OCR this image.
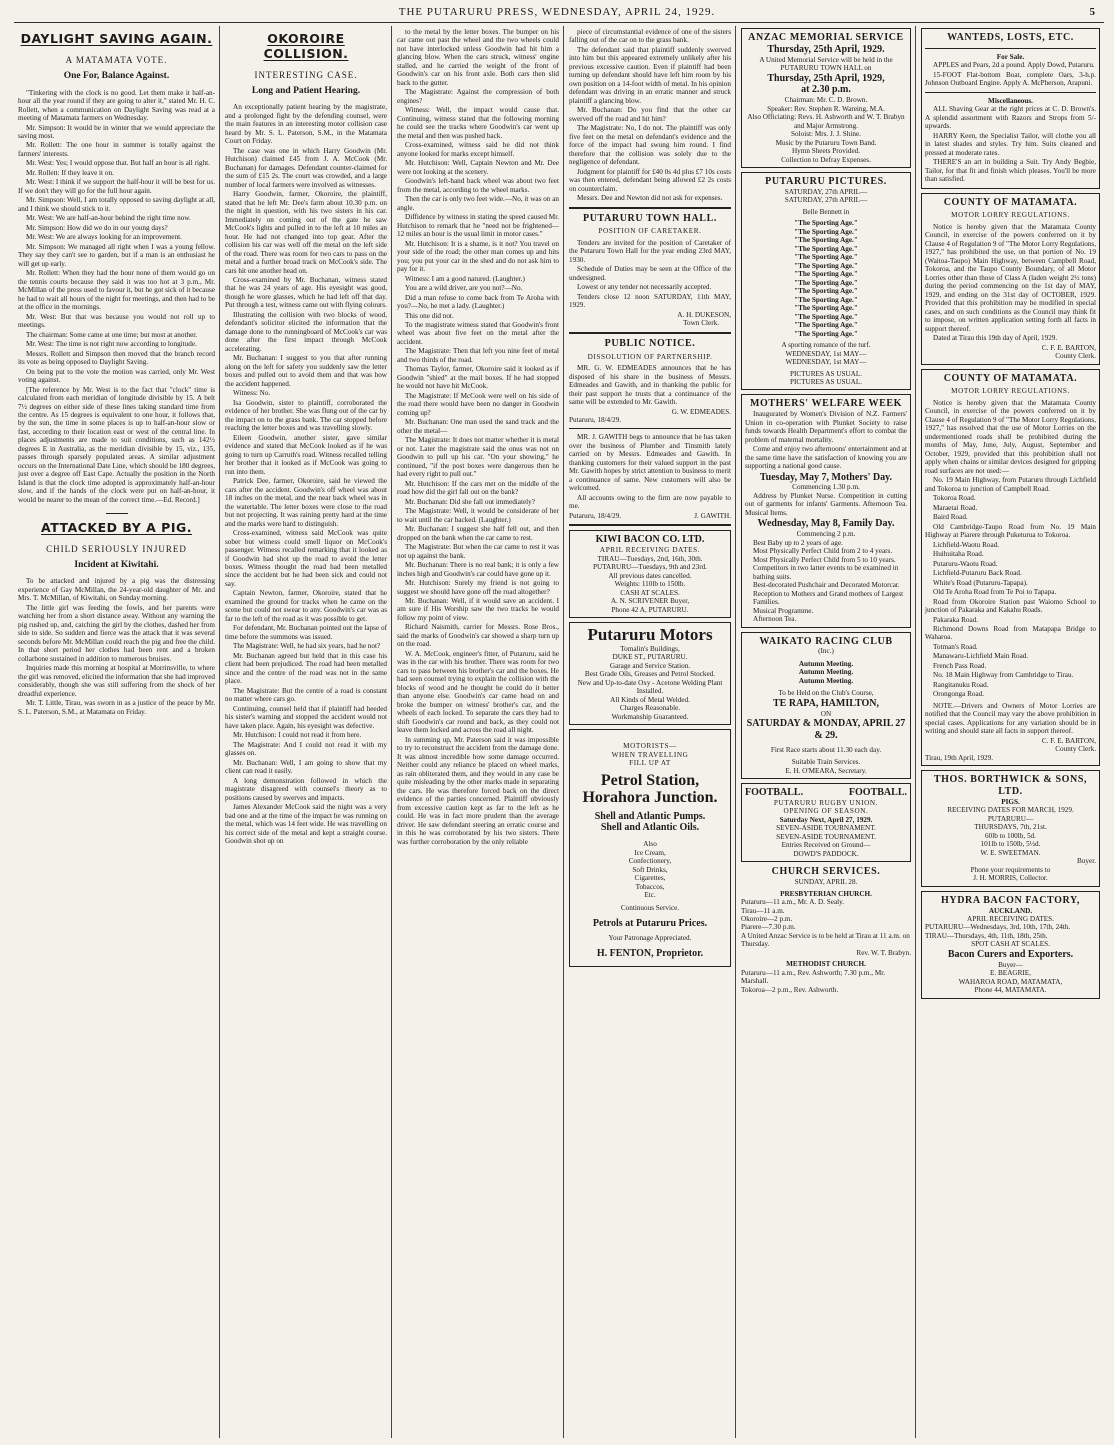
THE PUTARURU PRESS, WEDNESDAY, APRIL 24, 1929.	5
DAYLIGHT SAVING AGAIN.
A MATAMATA VOTE.
One For, Balance Against.

"Tinkering with the clock is no good. Let them make it half-an-hour all the year round if they are going to alter it," stated Mr. H. C. Rollett, when a communication on Daylight Saving was read at a meeting of Matamata farmers on Wednesday.

Mr. Simpson: It would be in winter that we would appreciate the saving most.

Mr. Rollett: The one hour in summer is totally against the farmers' interests.

Mr. West: Yes; I would oppose that. But half an hour is all right.

Mr. Rollett: If they leave it on.

Mr. West: I think if we support the half-hour it will be best for us. If we don't they will go for the full hour again.

Mr. Simpson: Well, I am totally opposed to saving daylight at all, and I think we should stick to it.

Mr. West: We are half-an-hour behind the right time now.

Mr. Simpson: How did we do in our young days?

Mr. West: We are always looking for an improvement.

Mr. Simpson: We managed all right when I was a young fellow. They say they can't see to garden, but if a man is an enthusiast he will get up early.

Mr. Rollett: When they had the hour none of them would go on the tennis courts because they said it was too hot at 3 p.m., Mr. McMillan of the press used to favour it, but he got sick of it because he had to wait all hours of the night for meetings, and then had to be at the office in the mornings.

Mr. West: But that was because you would not roll up to meetings.

The chairman: Some came at one time; but most at another.

Mr. West: The time is not right now according to longitude.

Messrs. Rollett and Simpson then moved that the branch record its vote as being opposed to Daylight Saving.

On being put to the vote the motion was carried, only Mr. West voting against.

[The reference by Mr. West is to the fact that "clock" time is calculated from each meridian of longitude divisible by 15. A belt 7½ degrees on either side of these lines taking standard time from the centre. As 15 degrees is equivalent to one hour, it follows that, by the sun, the time in some places is up to half-an-hour slow or fast, according to their location east or west of the central line. In places adjustments are made to suit conditions, such as 142½ degrees E in Australia, as the meridian divisible by 15, viz., 135, passes through sparsely populated areas. A similar adjustment occurs on the International Date Line, which should be 180 degrees, just over a degree off East Cape. Actually the position in the North Island is that the clock time adopted is approximately half-an-hour slow, and if the hands of the clock were put on half-an-hour, it would be nearer to the mean of the correct time.—Ed. Record.]

ATTACKED BY A PIG.
CHILD SERIOUSLY INJURED
Incident at Kiwitahi.

To be attacked and injured by a pig was the distressing experience of Gay McMillan, the 24-year-old daughter of Mr. and Mrs. T. McMillan, of Kiwitahi, on Sunday morning.

The little girl was feeding the fowls, and her parents were watching her from a short distance away. Without any warning the pig rushed up, and, catching the girl by the clothes, dashed her from side to side. So sudden and fierce was the attack that it was several seconds before Mr. McMillan could reach the pig and free the child. In that short period her clothes had been rent and a broken collarbone sustained in addition to numerous bruises.

Inquiries made this morning at hospital at Morrinsville, to where the girl was removed, elicited the information that she had improved considerably, though she was still suffering from the shock of her dreadful experience.

Mr. T. Little, Tirau, was sworn in as a justice of the peace by Mr. S. L. Paterson, S.M., at Matamata on Friday.

OKOROIRE COLLISION.
INTERESTING CASE.
Long and Patient Hearing.

An exceptionally patient hearing by the magistrate, and a prolonged fight by the defending counsel, were the main features in an interesting motor collision case heard by Mr. S. L. Paterson, S.M., in the Matamata Court on Friday.

The case was one in which Harry Goodwin (Mr. Hutchison) claimed £45 from J. A. McCook (Mr. Buchanan) for damages. Defendant counter-claimed for the sum of £15 2s. The court was crowded, and a large number of local farmers were involved as witnesses.

Harry Goodwin, farmer, Okoroire, the plaintiff, stated that he left Mr. Dee's farm about 10.30 p.m. on the night in question, with his two sisters in his car. Immediately on coming out of the gate he saw McCook's lights and pulled in to the left at 10 miles an hour. He had not changed into top gear. After the collision his car was well off the metal on the left side of the road. There was room for two cars to pass on the metal and a further broad track on McCook's side. The cars hit one another head on.

Cross-examined by Mr. Buchanan, witness stated that he was 24 years of age. His eyesight was good, though he wore glasses, which he had left off that day. Put through a test, witness came out with flying colours.

Illustrating the collision with two blocks of wood, defendant's solicitor elicited the information that the damage done to the runningboard of McCook's car was done after the first impact through McCook accelerating.

Mr. Buchanan: I suggest to you that after running along on the left for safety you suddenly saw the letter boxes and pulled out to avoid them and that was how the accident happened.

Witness: No.

Isa Goodwin, sister to plaintiff, corroborated the evidence of her brother. She was flung out of the car by the impact on to the grass bank. The car stopped before reaching the letter boxes and was travelling slowly.

Eileen Goodwin, another sister, gave similar evidence and stated that McCook looked as if he was going to turn up Carruth's road. Witness recalled telling her brother that it looked as if McCook was going to run into them.

Patrick Dee, farmer, Okoroire, said he viewed the cars after the accident. Goodwin's off wheel was about 18 inches on the metal, and the near back wheel was in the watertable. The letter boxes were close to the road but not projecting. It was raining pretty hard at the time and the marks were hard to distinguish.

Cross-examined, witness said McCook was quite sober but witness could smell liquor on McCook's passenger. Witness recalled remarking that it looked as if Goodwin had shot up the road to avoid the letter boxes. Witness thought the road had been metalled since the accident but he had been sick and could not say.

Captain Newton, farmer, Okoroire, stated that he examined the ground for tracks when he came on the scene but could not swear to any. Goodwin's car was as far to the left of the road as it was possible to get.

For defendant, Mr. Buchanan pointed out the lapse of time before the summons was issued.

The Magistrate: Well, he had six years, had he not?

Mr. Buchanan agreed but held that in this case his client had been prejudiced. The road had been metalled since and the centre of the road was not in the same place.

The Magistrate: But the centre of a road is constant no matter where cars go.

Continuing, counsel held that if plaintiff had heeded his sister's warning and stopped the accident would not have taken place. Again, his eyesight was defective.

Mr. Hutchison: I could not read it from here.

The Magistrate: And I could not read it with my glasses on.

Mr. Buchanan: Well, I am going to show that my client can read it easily.

A long demonstration followed in which the magistrate disagreed with counsel's theory as to positions caused by swerves and impacts.

James Alexander McCook said the night was a very bad one and at the time of the impact he was running on the metal, which was 14 feet wide. He was travelling on his correct side of the metal and kept a straight course. Goodwin shot up on

to the metal by the letter boxes. The bumper on his car came out past the wheel and the two wheels could not have interlocked unless Goodwin had hit him a glancing blow. When the cars struck, witness' engine stalled, and he carried the weight of the front of Goodwin's car on his front axle. Both cars then slid back to the gutter.

The Magistrate: Against the compression of both engines?

Witness: Well, the impact would cause that. Continuing, witness stated that the following morning he could see the tracks where Goodwin's car went up the metal and then was pushed back.

Cross-examined, witness said he did not think anyone looked for marks except himself.

Mr. Hutchison: Well, Captain Newton and Mr. Dee were not looking at the scenery.

Goodwin's left-hand back wheel was about two feet from the metal, according to the wheel marks.

Then the car is only two feet wide.—No, it was on an angle.

Diffidence by witness in stating the speed caused Mr. Hutchison to remark that he "need not be frightened—12 miles an hour is the usual limit in motor cases."

Mr. Hutchison: It is a shame, is it not? You travel on your side of the road; the other man comes up and hits you; you put your car in the shed and do not ask him to pay for it.

Witness: I am a good natured. (Laughter.)

You are a wild driver, are you not?—No.

Did a man refuse to come back from Te Aroha with you?—No, he met a lady. (Laughter.)

This one did not.

To the magistrate witness stated that Goodwin's front wheel was about five feet on the metal after the accident.

The Magistrate: Then that left you nine feet of metal and two thirds of the road.

Thomas Taylor, farmer, Okoroire said it looked as if Goodwin "shied" at the mail boxes. If he had stopped he would not have hit McCook.

The Magistrate: If McCook were well on his side of the road there would have been no danger in Goodwin coming up?

Mr. Buchanan: One man used the sand track and the other the metal—

The Magistrate: It does not matter whether it is metal or not. Later the magistrate said the onus was not on Goodwin to pull up his car. "On your showing," he continued, "if the post boxes were dangerous then he had every right to pull out."

Mr. Hutchison: If the cars met on the middle of the road how did the girl fall out on the bank?

Mr. Buchanan: Did she fall out immediately?

The Magistrate: Well, it would be considerate of her to wait until the car backed. (Laughter.)

Mr. Buchanan: I suggest she half fell out, and then dropped on the bank when the car came to rest.

The Magistrate: But when the car came to rest it was not up against the bank.

Mr. Buchanan: There is no real bank; it is only a few inches high and Goodwin's car could have gone up it.

Mr. Hutchison: Surely my friend is not going to suggest we should have gone off the road altogether?

Mr. Buchanan: Well, if it would save an accident. I am sure if His Worship saw the two tracks he would follow my point of view.

Richard Naismith, carrier for Messrs. Rose Bros., said the marks of Goodwin's car showed a sharp turn up on the road.

W. A. McCook, engineer's fitter, of Putaruru, said he was in the car with his brother. There was room for two cars to pass between his brother's car and the boxes. He had seen counsel trying to explain the collision with the blocks of wood and he thought he could do it better than anyone else. Goodwin's car came head on and broke the bumper on witness' brother's car, and the wheels of each locked. To separate the cars they had to shift Goodwin's car round and back, as they could not leave them locked and across the road all night.

In summing up, Mr. Paterson said it was impossible to try to reconstruct the accident from the damage done. It was almost incredible how some damage occurred. Neither could any reliance be placed on wheel marks, as rain obliterated them, and they would in any case be quite misleading by the other marks made in separating the cars. He was therefore forced back on the direct evidence of the parties concerned. Plaintiff obviously from excessive caution kept as far to the left as he could. He was in fact more prudent than the average driver. He saw defendant steering an erratic course and in this he was corroborated by his two sisters. There was further corroboration by the only reliable

piece of circumstantial evidence of one of the sisters falling out of the car on to the grass bank.

The defendant said that plaintiff suddenly swerved into him but this appeared extremely unlikely after his previous excessive caution. Even if plaintiff had been turning up defendant should have left him room by his own position on a 14-foot width of metal. In his opinion defendant was driving in an erratic manner and struck plaintiff a glancing blow.

Mr. Buchanan: Do you find that the other car swerved off the road and hit him?

The Magistrate: No, I do not. The plaintiff was only five feet on the metal on defendant's evidence and the force of the impact had swung him round. I find therefore that the collision was solely due to the negligence of defendant.

Judgment for plaintiff for £40 0s 4d plus £7 10s costs was then entered, defendant being allowed £2 2s costs on counterclaim.

Messrs. Dee and Newton did not ask for expenses.

PUTARURU TOWN HALL.
POSITION OF CARETAKER.

Tenders are invited for the position of Caretaker of the Putaruru Town Hall for the year ending 23rd MAY, 1930.

Schedule of Duties may be seen at the Office of the undersigned.

Lowest or any tender not necessarily accepted.

Tenders close 12 noon SATURDAY, 11th MAY, 1929.

A. H. DUKESON,
Town Clerk.
PUBLIC NOTICE.
DISSOLUTION OF PARTNERSHIP.

MR. G. W. EDMEADES announces that he has disposed of his share in the business of Messrs. Edmeades and Gawith, and in thanking the public for their past support he trusts that a continuance of the same will be extended to Mr. Gawith.

G. W. EDMEADES.
Putaruru, 18/4/29.

MR. J. GAWITH begs to announce that he has taken over the business of Plumber and Tinsmith lately carried on by Messrs. Edmeades and Gawith. In thanking customers for their valued support in the past Mr. Gawith hopes by strict attention to business to merit a continuance of same. New customers will also be welcomed.

All accounts owing to the firm are now payable to me.

Putaruru, 18/4/29.	J. GAWITH.
KIWI BACON CO. LTD.
APRIL RECEIVING DATES.
TIRAU—Tuesdays, 2nd, 16th, 30th.
PUTARURU—Tuesdays, 9th and 23rd.
All previous dates cancelled.
Weights: 110lb to 150lb.
CASH AT SCALES.
A. N. SCRIVENER Buyer,
Phone 42 A, PUTARURU.
Putaruru Motors
Tomalin's Buildings,
DUKE ST., PUTARURU.
Garage and Service Station.
Best Grade Oils, Greases and Petrol Stocked.
New and Up-to-date Oxy - Acetone Welding Plant Installed.
All Kinds of Metal Welded.
Charges Reasonable.
Workmanship Guaranteed.
MOTORISTS—
WHEN TRAVELLING FILL UP AT
Petrol Station, Horahora Junction.
Shell and Atlantic Pumps.
Shell and Atlantic Oils.
Also
Ice Cream,
Confectionery,
Soft Drinks,
Cigarettes,
Tobaccos,
Etc.
Continuous Service.
Petrols at Putaruru Prices.
Your Patronage Appreciated.
H. FENTON, Proprietor.
ANZAC MEMORIAL SERVICE
Thursday, 25th April, 1929.
A United Memorial Service will be held in the PUTARURU TOWN HALL on
Thursday, 25th April, 1929,
at 2.30 p.m.
Chairman: Mr. C. D. Brown.
Speaker: Rev. Stephen R. Wareing, M.A.
Also Officiating: Revs. H. Ashworth and W. T. Brabyn and Major Armstrong.
Soloist: Mrs. J. J. Shine.
Music by the Putaruru Town Band.
Hymn Sheets Provided.
Collection to Defray Expenses.
PUTARURU PICTURES.
SATURDAY, 27th APRIL—
SATURDAY, 27th APRIL—
Belle Bennett in
"The Sporting Age."
"The Sporting Age."
"The Sporting Age."
"The Sporting Age."
"The Sporting Age."
"The Sporting Age."
"The Sporting Age."
"The Sporting Age."
"The Sporting Age."
"The Sporting Age."
"The Sporting Age."
"The Sporting Age."
"The Sporting Age."
"The Sporting Age."
A sporting romance of the turf.
WEDNESDAY, 1st MAY—
WEDNESDAY, 1st MAY—
PICTURES AS USUAL.
PICTURES AS USUAL.
MOTHERS' WELFARE WEEK

Inaugurated by Women's Division of N.Z. Farmers' Union in co-operation with Plunket Society to raise funds towards Health Department's effort to combat the problem of maternal mortality.

Come and enjoy two afternoons' entertainment and at the same time have the satisfaction of knowing you are supporting a national good cause.

Tuesday, May 7, Mothers' Day.
Commencing 1.30 p.m.

Address by Plunket Nurse. Competition in cutting out of garments for infants' Garments. Afternoon Tea. Musical Items.

Wednesday, May 8, Family Day.
Commencing 2 p.m.
Best Baby up to 2 years of age.
Most Physically Perfect Child from 2 to 4 years.
Most Physically Perfect Child from 5 to 10 years.
Competitors in two latter events to be examined in bathing suits.
Best-decorated Pushchair and Decorated Motorcar.
Reception to Mothers and Grand mothers of Largest Families.
Musical Programme.
Afternoon Tea.
WAIKATO RACING CLUB
(Inc.)
Autumn Meeting.
Autumn Meeting.
Autumn Meeting.
To be Held on the Club's Course,
TE RAPA, HAMILTON,
ON
SATURDAY & MONDAY, APRIL 27 & 29.
First Race starts about 11.30 each day.
Suitable Train Services.
E. H. O'MEARA, Secretary.
FOOTBALL.	FOOTBALL.
PUTARURU RUGBY UNION.
OPENING OF SEASON.
Saturday Next, April 27, 1929.
SEVEN-ASIDE TOURNAMENT.
SEVEN-ASIDE TOURNAMENT.
Entries Received on Ground—
DOWD'S PADDOCK.
CHURCH SERVICES.
SUNDAY, APRIL 28.
PRESBYTERIAN CHURCH.
Putaruru—11 a.m., Mr. A. D. Sealy.
Tirau—11 a.m.
Okoroire—2 p.m.
Piarere—7.30 p.m.
A United Anzac Service is to be held at Tirau at 11 a.m. on Thursday.
Rev. W. T. Brabyn.
METHODIST CHURCH.
Putaruru—11 a.m., Rev. Ashworth; 7.30 p.m., Mr. Marshall.
Tokoroa—2 p.m., Rev. Ashworth.
WANTEDS, LOSTS, ETC.
For Sale.

APPLES and Pears, 2d a pound. Apply Dowd, Putaruru.

15-FOOT Flat-bottom Boat, complete Oars, 3-h.p. Johnson Outboard Engine. Apply A. McPherson, Arapuni.

Miscellaneous.

ALL Shaving Gear at the right prices at C. D. Brown's. A splendid assortment with Razors and Strops from 5/- upwards.

HARRY Keen, the Specialist Tailor, will clothe you all in latest shades and styles. Try him. Suits cleaned and pressed at moderate rates.

THERE'S an art in building a Suit. Try Andy Begbie, Tailor, for that fit and finish which pleases. You'll be more than satisfied.

COUNTY OF MATAMATA.
MOTOR LORRY REGULATIONS.

Notice is hereby given that the Matamata County Council, in exercise of the powers conferred on it by Clause 4 of Regulation 9 of "The Motor Lorry Regulations, 1927," has prohibited the use, on that portion of No. 19 (Waitoa-Taupo) Main Highway, between Campbell Road, Tokoroa, and the Taupo County Boundary, of all Motor Lorries other than those of Class A (laden weight 2½ tons) during the period commencing on the 1st day of MAY, 1929, and ending on the 31st day of OCTOBER, 1929. Provided that this prohibition may be modified in special cases, and on such conditions as the Council may think fit to impose, on written application setting forth all facts in support thereof.

Dated at Tirau this 19th day of April, 1929.

C. F. E. BARTON,
County Clerk.
COUNTY OF MATAMATA.
MOTOR LORRY REGULATIONS.

Notice is hereby given that the Matamata County Council, in exercise of the powers conferred on it by Clause 4 of Regulation 9 of "The Motor Lorry Regulations, 1927," has resolved that the use of Motor Lorries on the undermentioned roads shall be prohibited during the months of May, June, July, August, September and October, 1929, provided that this prohibition shall not apply when chains or similar devices designed for gripping road surfaces are not used:—

No. 19 Main Highway, from Putaruru through Lichfield and Tokoroa to junction of Campbell Road.

Tokoroa Road.

Maraetai Road.

Baird Road.

Old Cambridge-Taupo Road from No. 19 Main Highway at Piarere through Puketurua to Tokoroa.

Lichfield-Waotu Road.

Huihuitaha Road.

Putaruru-Waotu Road.

Lichfield-Putaruru Back Road.

White's Road (Putaruru-Tapapa).

Old Te Aroha Road from Te Poi to Tapapa.

Road from Okoroire Station past Waiomo School to junction of Pakaraka and Kakahu Roads.

Pakaraka Road.

Richmond Downs Road from Matapapa Bridge to Waharoa.

Totman's Road.

Manawaru-Lichfield Main Road.

French Pass Road.

No. 18 Main Highway from Cambridge to Tirau.

Rangitanuku Road.

Orongonga Road.

NOTE.—Drivers and Owners of Motor Lorries are notified that the Council may vary the above prohibition in special cases. Applications for any variation should be in writing and should state all facts in support thereof.

C. F. E. BARTON,
County Clerk.
Tirau, 19th April, 1929.
THOS. BORTHWICK & SONS, LTD.
PIGS.
RECEIVING DATES FOR MARCH, 1929.
PUTARURU—
THURSDAYS, 7th, 21st.
60lb to 100lb, 5d.
101lb to 150lb, 5½d.
W. E. SWEETMAN.
Buyer.
Phone your requirements to
J. H. MORRIS, Collector.
HYDRA BACON FACTORY,
AUCKLAND.
APRIL RECEIVING DATES.
PUTARURU—Wednesdays, 3rd, 10th, 17th, 24th.
TIRAU—Thursdays, 4th, 11th, 18th, 25th.
SPOT CASH AT SCALES.
Bacon Curers and Exporters.
Buyer—
E. BEAGRIE,
WAHAROA ROAD, MATAMATA,
Phone 44, MATAMATA.
